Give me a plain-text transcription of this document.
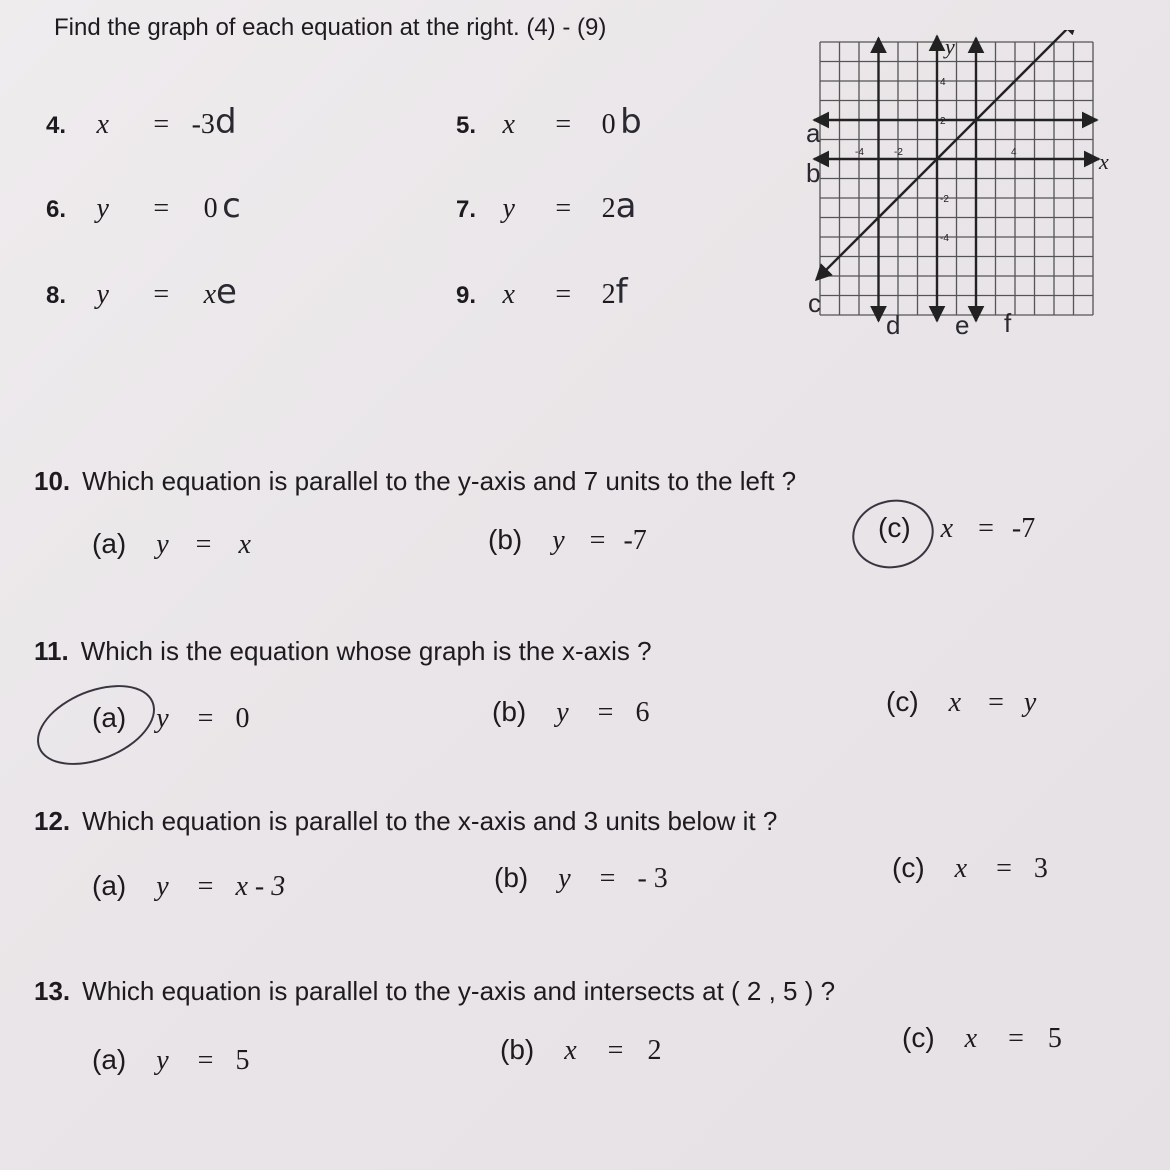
Find the graph of each equation at the right. (4) - (9)
4. x = -3d	5. x = 0 b
6. y = 0 c	7. y = 2a
8. y = xe	9. x = 2f
-4	-2	4
4
2
-2
-4
x
y
a
b
c
d e f
10. Which equation is parallel to the y-axis and 7 units to the left ?
(a) y = x	(b) y = -7	(c) x = -7
11. Which is the equation whose graph is the x-axis ?
(a) y = 0	(b) y = 6	(c) x = y
12. Which equation is parallel to the x-axis and 3 units below it ?
(a) y = x - 3	(b) y = - 3	(c) x = 3
13. Which equation is parallel to the y-axis and intersects at ( 2 , 5 ) ?
(a) y = 5	(b) x = 2	(c) x = 5
